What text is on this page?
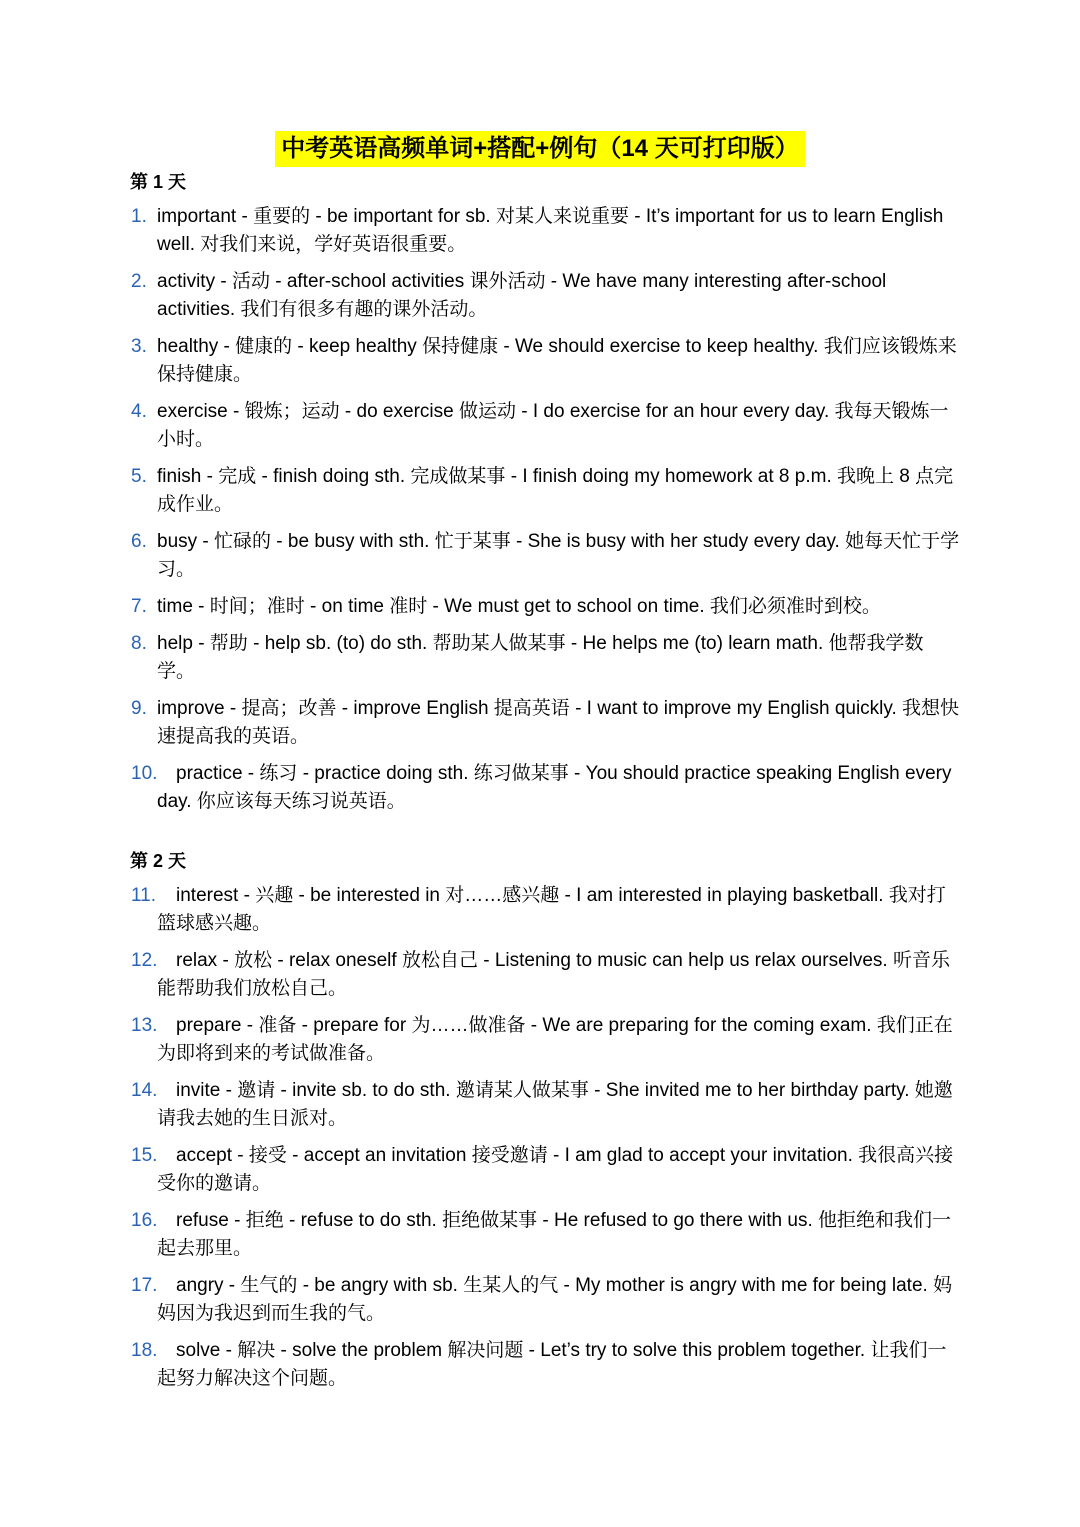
中考英语高频单词+搭配+例句（14 天可打印版）
第 1 天
1. important - 重要的 - be important for sb. 对某人来说重要 - It’s important for us to learn English well. 对我们来说，学好英语很重要。
2. activity - 活动 - after-school activities 课外活动 - We have many interesting after-school activities. 我们有很多有趣的课外活动。
3. healthy - 健康的 - keep healthy 保持健康 - We should exercise to keep healthy. 我们应该锻炼来保持健康。
4. exercise - 锻炼；运动 - do exercise 做运动 - I do exercise for an hour every day. 我每天锻炼一小时。
5. finish - 完成 - finish doing sth. 完成做某事 - I finish doing my homework at 8 p.m. 我晚上 8 点完成作业。
6. busy - 忙碌的 - be busy with sth. 忙于某事 - She is busy with her study every day. 她每天忙于学习。
7. time - 时间；准时 - on time 准时 - We must get to school on time. 我们必须准时到校。
8. help - 帮助 - help sb. (to) do sth. 帮助某人做某事 - He helps me (to) learn math. 他帮我学数学。
9. improve - 提高；改善 - improve English 提高英语 - I want to improve my English quickly. 我想快速提高我的英语。
10. practice - 练习 - practice doing sth. 练习做某事 - You should practice speaking English every day. 你应该每天练习说英语。
第 2 天
11. interest - 兴趣 - be interested in 对……感兴趣 - I am interested in playing basketball. 我对打篮球感兴趣。
12. relax - 放松 - relax oneself 放松自己 - Listening to music can help us relax ourselves. 听音乐能帮助我们放松自己。
13. prepare - 准备 - prepare for 为……做准备 - We are preparing for the coming exam. 我们正在为即将到来的考试做准备。
14. invite - 邀请 - invite sb. to do sth. 邀请某人做某事 - She invited me to her birthday party. 她邀请我去她的生日派对。
15. accept - 接受 - accept an invitation 接受邀请 - I am glad to accept your invitation. 我很高兴接受你的邀请。
16. refuse - 拒绝 - refuse to do sth. 拒绝做某事 - He refused to go there with us. 他拒绝和我们一起去那里。
17. angry - 生气的 - be angry with sb. 生某人的气 - My mother is angry with me for being late. 妈妈因为我迟到而生我的气。
18. solve - 解决 - solve the problem 解决问题 - Let’s try to solve this problem together. 让我们一起努力解决这个问题。
